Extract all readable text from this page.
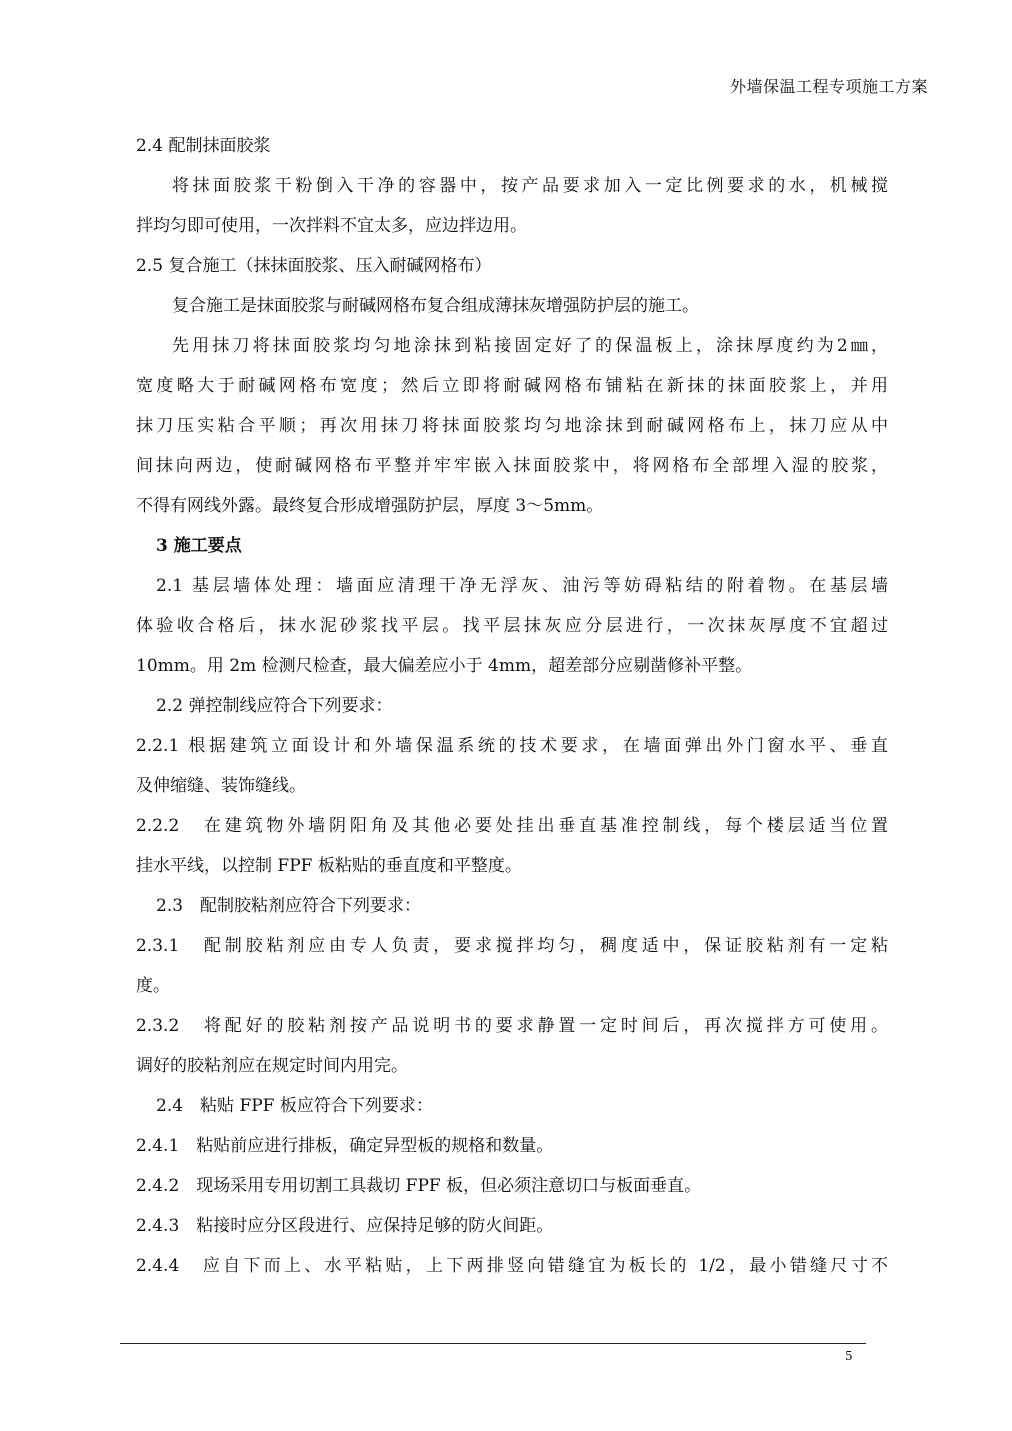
外墙保温工程专项施工方案

2.4 配制抹面胶浆

将抹面胶浆干粉倒入干净的容器中，按产品要求加入一定比例要求的水，机械搅

拌均匀即可使用，一次拌料不宜太多，应边拌边用。

2.5 复合施工（抹抹面胶浆、压入耐碱网格布）

复合施工是抹面胶浆与耐碱网格布复合组成薄抹灰增强防护层的施工。

先用抹刀将抹面胶浆均匀地涂抹到粘接固定好了的保温板上，涂抹厚度约为2㎜，

宽度略大于耐碱网格布宽度；然后立即将耐碱网格布铺粘在新抹的抹面胶浆上，并用

抹刀压实粘合平顺；再次用抹刀将抹面胶浆均匀地涂抹到耐碱网格布上，抹刀应从中

间抹向两边，使耐碱网格布平整并牢牢嵌入抹面胶浆中，将网格布全部埋入湿的胶浆，

不得有网线外露。最终复合形成增强防护层，厚度 3～5mm。

3 施工要点

2.1 基层墙体处理：墙面应清理干净无浮灰、油污等妨碍粘结的附着物。在基层墙

体验收合格后，抹水泥砂浆找平层。找平层抹灰应分层进行，一次抹灰厚度不宜超过

10mm。用 2m 检测尺检查，最大偏差应小于 4mm，超差部分应剔凿修补平整。

2.2 弹控制线应符合下列要求：

2.2.1 根据建筑立面设计和外墙保温系统的技术要求，在墙面弹出外门窗水平、垂直

及伸缩缝、装饰缝线。

2.2.2　在建筑物外墙阴阳角及其他必要处挂出垂直基准控制线，每个楼层适当位置

挂水平线，以控制 FPF 板粘贴的垂直度和平整度。

2.3　配制胶粘剂应符合下列要求：

2.3.1　配制胶粘剂应由专人负责，要求搅拌均匀，稠度适中，保证胶粘剂有一定粘

度。

2.3.2　将配好的胶粘剂按产品说明书的要求静置一定时间后，再次搅拌方可使用。

调好的胶粘剂应在规定时间内用完。

2.4　粘贴 FPF 板应符合下列要求：

2.4.1　粘贴前应进行排板，确定异型板的规格和数量。

2.4.2　现场采用专用切割工具裁切 FPF 板，但必须注意切口与板面垂直。

2.4.3　粘接时应分区段进行、应保持足够的防火间距。

2.4.4　应自下而上、水平粘贴，上下两排竖向错缝宜为板长的 1/2，最小错缝尺寸不

5
